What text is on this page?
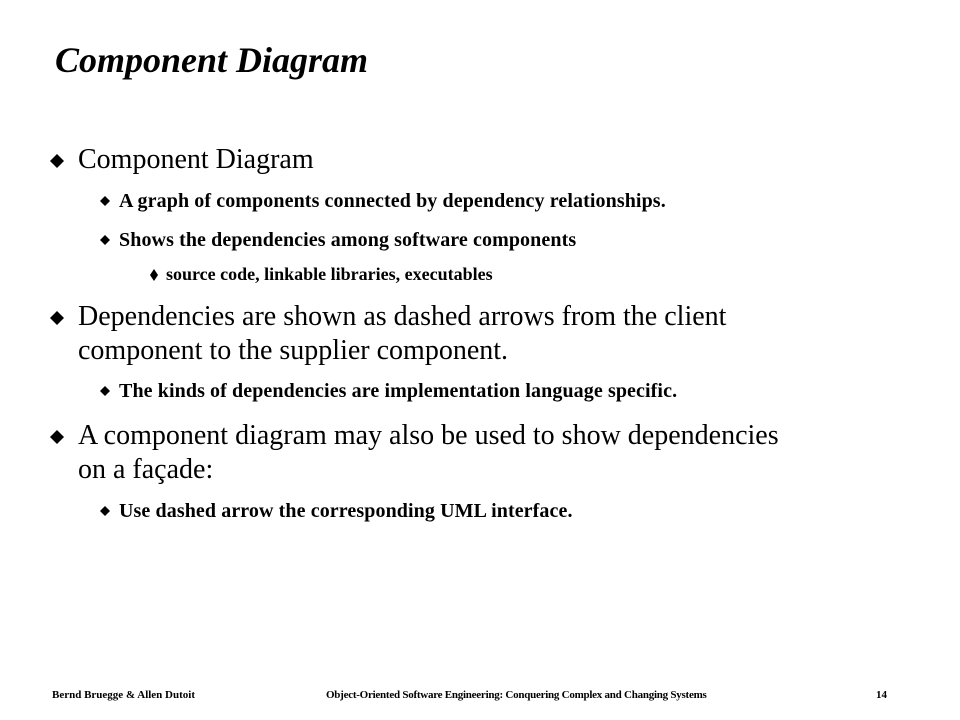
Component Diagram
Component Diagram
A graph of components connected by dependency relationships.
Shows the dependencies among software components
source code, linkable libraries, executables
Dependencies are shown as dashed arrows from the client
component to the supplier component.
The kinds of dependencies are implementation language specific.
A component diagram may also be used to show dependencies
on a façade:
Use dashed arrow the corresponding UML interface.
Bernd Bruegge & Allen Dutoit	Object-Oriented Software Engineering: Conquering Complex and Changing Systems	14
